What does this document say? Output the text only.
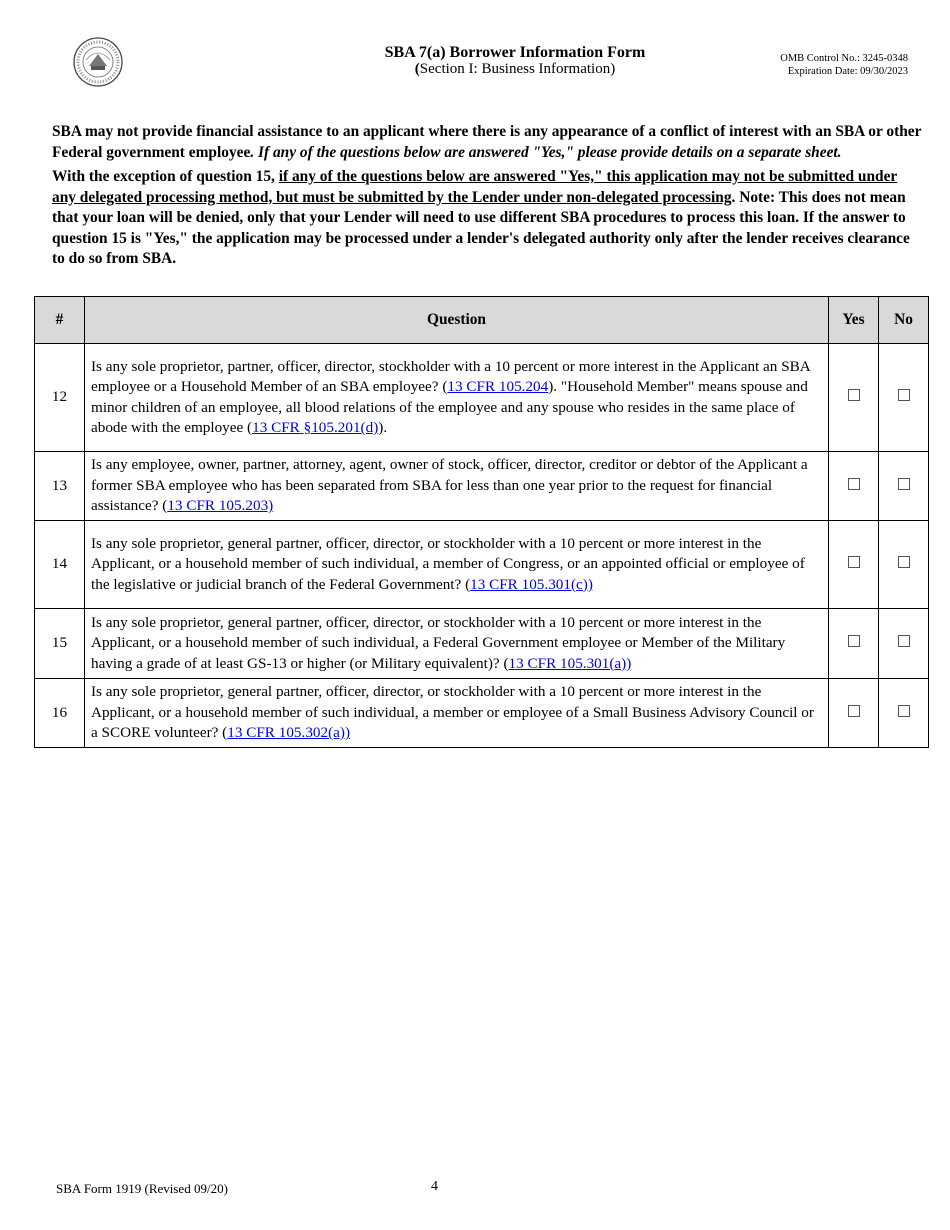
SBA 7(a) Borrower Information Form
(Section I: Business Information)
OMB Control No.: 3245-0348
Expiration Date: 09/30/2023

SBA may not provide financial assistance to an applicant where there is any appearance of a conflict of interest with an SBA or other Federal government employee. If any of the questions below are answered "Yes," please provide details on a separate sheet.

With the exception of question 15, if any of the questions below are answered "Yes," this application may not be submitted under any delegated processing method, but must be submitted by the Lender under non-delegated processing. Note: This does not mean that your loan will be denied, only that your Lender will need to use different SBA procedures to process this loan. If the answer to question 15 is "Yes," the application may be processed under a lender's delegated authority only after the lender receives clearance to do so from SBA.

#	Question	Yes	No
12	Is any sole proprietor, partner, officer, director, stockholder with a 10 percent or more interest in the Applicant an SBA employee or a Household Member of an SBA employee? (13 CFR 105.204). "Household Member" means spouse and minor children of an employee, all blood relations of the employee and any spouse who resides in the same place of abode with the employee (13 CFR §105.201(d)).		
13	Is any employee, owner, partner, attorney, agent, owner of stock, officer, director, creditor or debtor of the Applicant a former SBA employee who has been separated from SBA for less than one year prior to the request for financial assistance? (13 CFR 105.203)		
14	Is any sole proprietor, general partner, officer, director, or stockholder with a 10 percent or more interest in the Applicant, or a household member of such individual, a member of Congress, or an appointed official or employee of the legislative or judicial branch of the Federal Government? (13 CFR 105.301(c))		
15	Is any sole proprietor, general partner, officer, director, or stockholder with a 10 percent or more interest in the Applicant, or a household member of such individual, a Federal Government employee or Member of the Military having a grade of at least GS-13 or higher (or Military equivalent)? (13 CFR 105.301(a))		
16	Is any sole proprietor, general partner, officer, director, or stockholder with a 10 percent or more interest in the Applicant, or a household member of such individual, a member or employee of a Small Business Advisory Council or a SCORE volunteer? (13 CFR 105.302(a))		
SBA Form 1919 (Revised 09/20)	4
